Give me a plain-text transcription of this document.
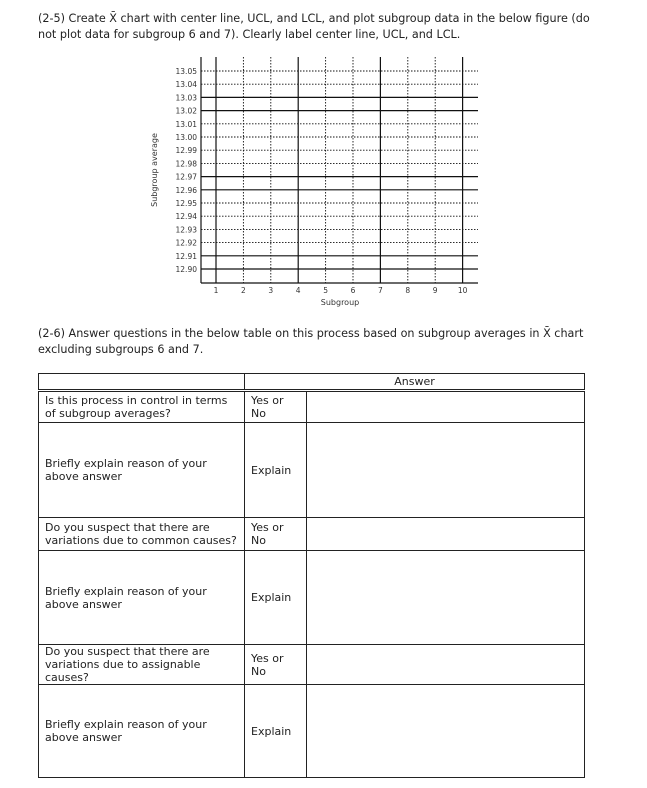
(2-5) Create X̄ chart with center line, UCL, and LCL, and plot subgroup data in the below figure (do not plot data for subgroup 6 and 7). Clearly label center line, UCL, and LCL.
13.05
13.04
13.03
13.02
13.01
13.00
12.99
12.98
12.97
12.96
12.95
12.94
12.93
12.92
12.91
12.90
1	2	3	4	5	6	7	8	9	10
Subgroup
Subgroup average
(2-6) Answer questions in the below table on this process based on subgroup averages in X̄ chart excluding subgroups 6 and 7.
	Answer	
Is this process in control in terms of subgroup averages?	Yes or No	
Briefly explain reason of your above answer	Explain	
Do you suspect that there are variations due to common causes?	Yes or No	
Briefly explain reason of your above answer	Explain	
Do you suspect that there are variations due to assignable causes?	Yes or No	
Briefly explain reason of your above answer	Explain	
